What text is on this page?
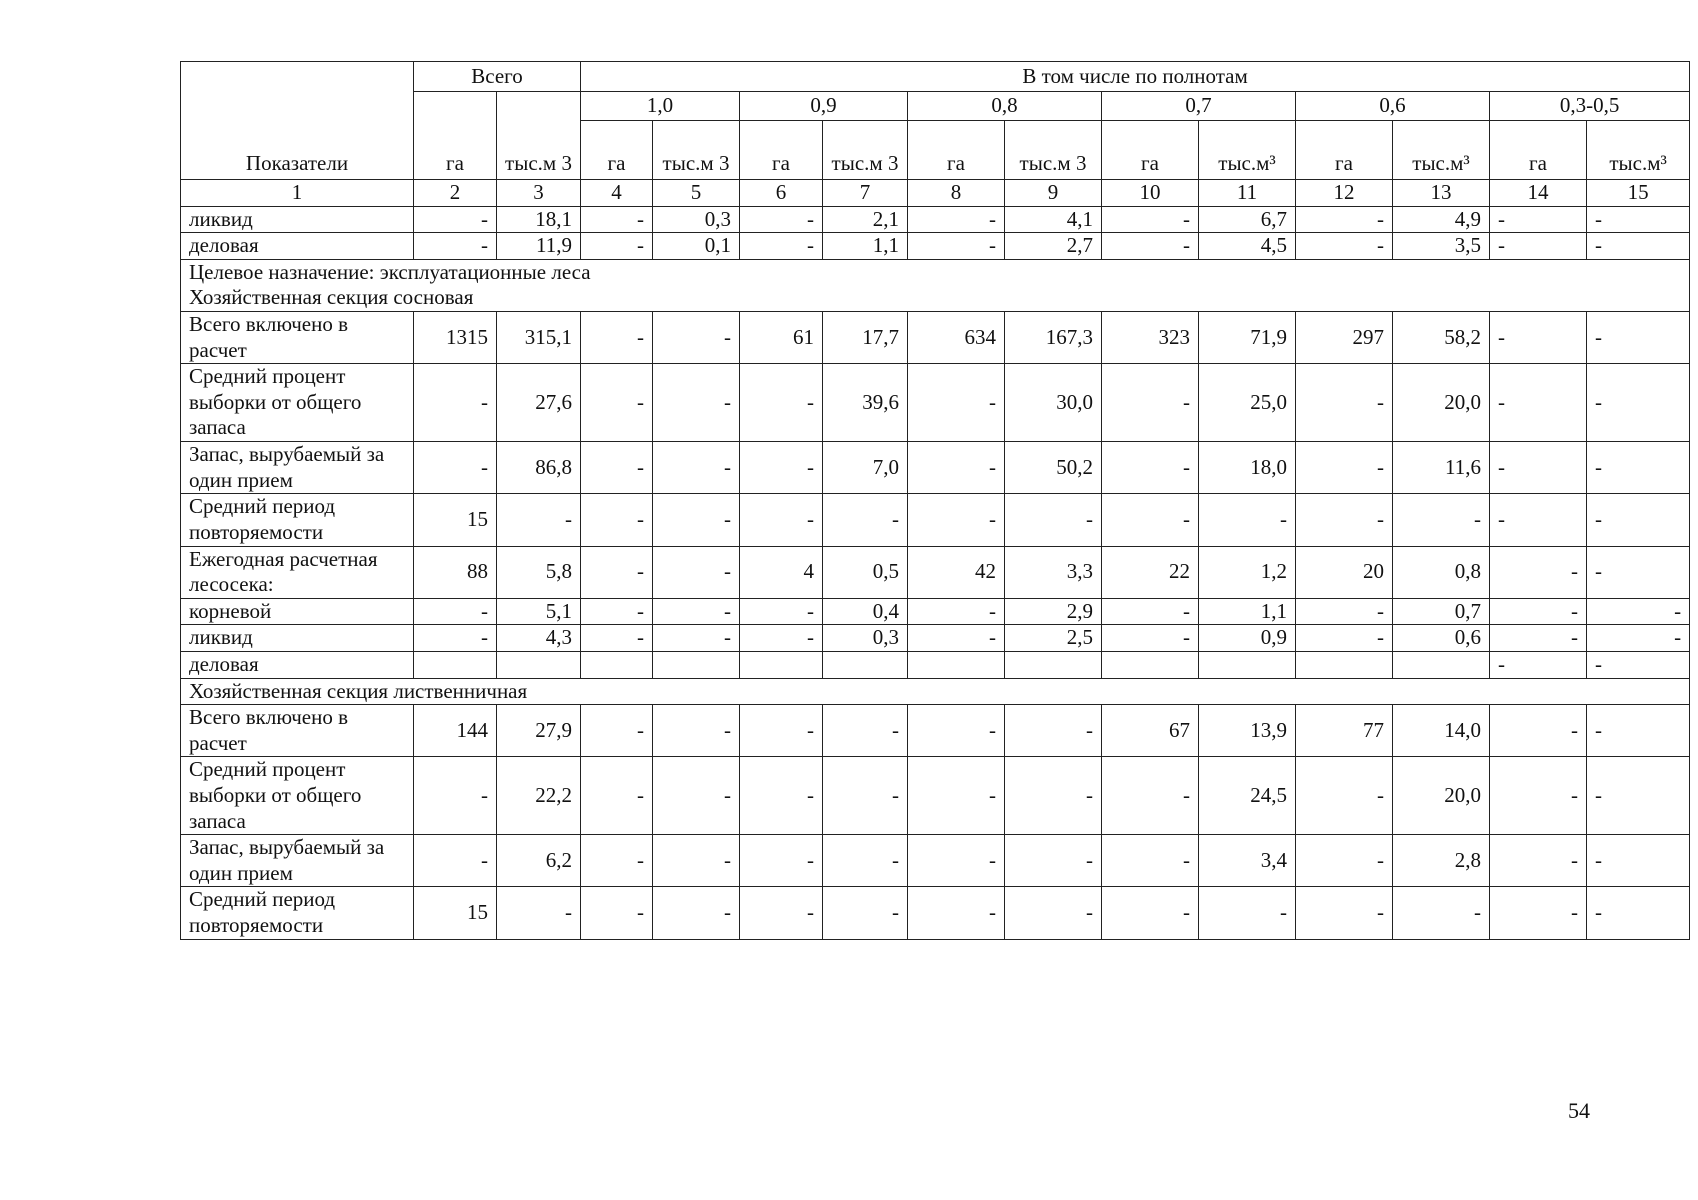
Показатели	Всего		В том числе по полнотам											
	га	тыс.м 3	1,0		0,9		0,8		0,7		0,6		0,3-0,5	
			га	тыс.м 3	га	тыс.м 3	га	тыс.м 3	га	тыс.м³	га	тыс.м³	га	тыс.м³
1	2	3	4	5	6	7	8	9	10	11	12	13	14	15
ликвид	-	18,1	-	0,3	-	2,1	-	4,1	-	6,7	-	4,9	-	-
деловая	-	11,9	-	0,1	-	1,1	-	2,7	-	4,5	-	3,5	-	-
Целевое назначение: эксплуатационные леса														
Хозяйственная секция сосновая														
Всего включено в расчет	1315	315,1	-	-	61	17,7	634	167,3	323	71,9	297	58,2	-	-
Средний процент выборки от общего запаса	-	27,6	-	-	-	39,6	-	30,0	-	25,0	-	20,0	-	-
Запас, вырубаемый за один прием	-	86,8	-	-	-	7,0	-	50,2	-	18,0	-	11,6	-	-
Средний период повторяемости	15	-	-	-	-	-	-	-	-	-	-	-	-	-
Ежегодная расчетная лесосека:	88	5,8	-	-	4	0,5	42	3,3	22	1,2	20	0,8	-	-
корневой	-	5,1	-	-	-	0,4	-	2,9	-	1,1	-	0,7	-	-
ликвид	-	4,3	-	-	-	0,3	-	2,5	-	0,9	-	0,6	-	-
деловая													-	-
Хозяйственная секция лиственничная														
Всего включено в расчет	144	27,9	-	-	-	-	-	-	67	13,9	77	14,0	-	-
Средний процент выборки от общего запаса	-	22,2	-	-	-	-	-	-	-	24,5	-	20,0	-	-
Запас, вырубаемый за один прием	-	6,2	-	-	-	-	-	-	-	3,4	-	2,8	-	-
Средний период повторяемости	15	-	-	-	-	-	-	-	-	-	-	-	-	-
54
